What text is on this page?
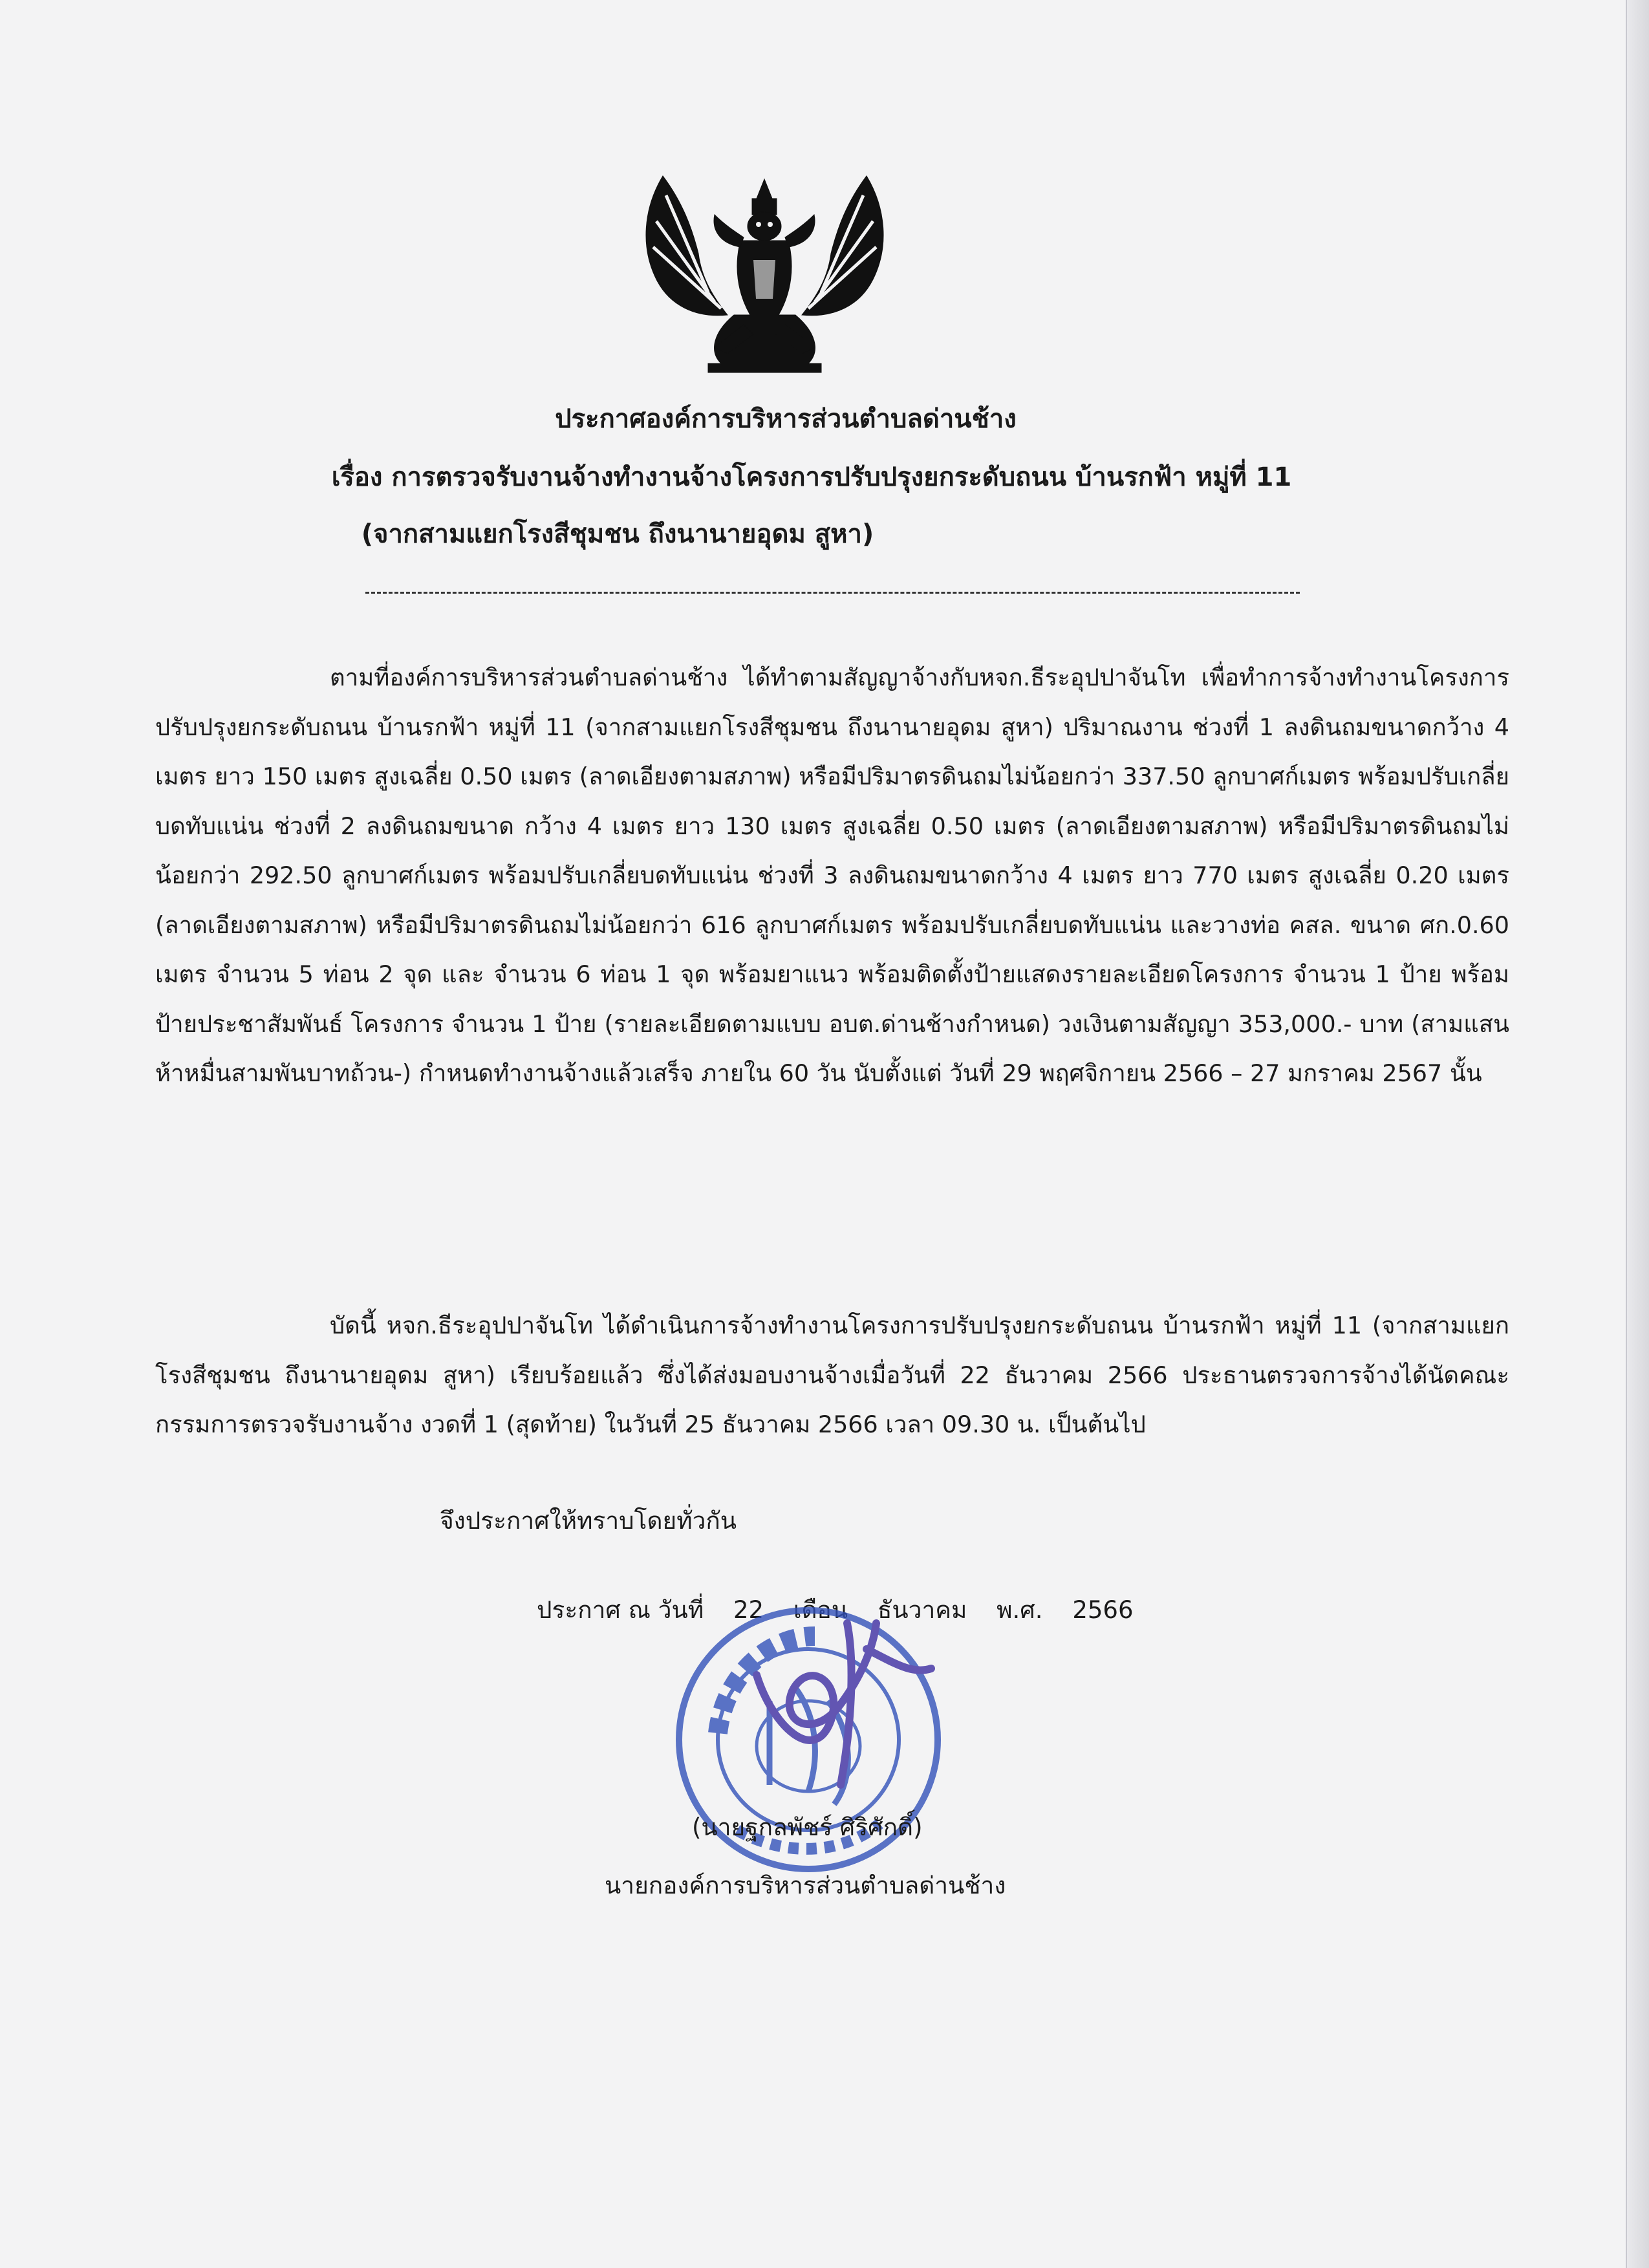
ประกาศองค์การบริหารส่วนตำบลด่านช้าง
เรื่อง การตรวจรับงานจ้างทำงานจ้างโครงการปรับปรุงยกระดับถนน บ้านรกฟ้า หมู่ที่ 11
(จากสามแยกโรงสีชุมชน ถึงนานายอุดม สูหา)

ตามที่องค์การบริหารส่วนตำบลด่านช้าง ได้ทำตามสัญญาจ้างกับหจก.ธีระอุปปาจันโท เพื่อทำการจ้างทำงานโครงการปรับปรุงยกระดับถนน บ้านรกฟ้า หมู่ที่ 11 (จากสามแยกโรงสีชุมชน ถึงนานายอุดม สูหา) ปริมาณงาน ช่วงที่ 1 ลงดินถมขนาดกว้าง 4 เมตร ยาว 150 เมตร สูงเฉลี่ย 0.50 เมตร (ลาดเอียงตามสภาพ) หรือมีปริมาตรดินถมไม่น้อยกว่า 337.50 ลูกบาศก์เมตร พร้อมปรับเกลี่ยบดทับแน่น ช่วงที่ 2 ลงดินถมขนาด กว้าง 4 เมตร ยาว 130 เมตร สูงเฉลี่ย 0.50 เมตร (ลาดเอียงตามสภาพ) หรือมีปริมาตรดินถมไม่น้อยกว่า 292.50 ลูกบาศก์เมตร พร้อมปรับเกลี่ยบดทับแน่น ช่วงที่ 3 ลงดินถมขนาดกว้าง 4 เมตร ยาว 770 เมตร สูงเฉลี่ย 0.20 เมตร (ลาดเอียงตามสภาพ) หรือมีปริมาตรดินถมไม่น้อยกว่า 616 ลูกบาศก์เมตร พร้อมปรับเกลี่ยบดทับแน่น และวางท่อ คสล. ขนาด ศก.0.60 เมตร จำนวน 5 ท่อน 2 จุด และ จำนวน 6 ท่อน 1 จุด พร้อมยาแนว พร้อมติดตั้งป้ายแสดงรายละเอียดโครงการ จำนวน 1 ป้าย พร้อมป้ายประชาสัมพันธ์ โครงการ จำนวน 1 ป้าย (รายละเอียดตามแบบ อบต.ด่านช้างกำหนด) วงเงินตามสัญญา 353,000.- บาท (สามแสนห้าหมื่นสามพันบาทถ้วน-) กำหนดทำงานจ้างแล้วเสร็จ ภายใน 60 วัน นับตั้งแต่ วันที่ 29 พฤศจิกายน 2566 – 27 มกราคม 2567 นั้น

บัดนี้ หจก.ธีระอุปปาจันโท ได้ดำเนินการจ้างทำงานโครงการปรับปรุงยกระดับถนน บ้านรกฟ้า หมู่ที่ 11 (จากสามแยกโรงสีชุมชน ถึงนานายอุดม สูหา) เรียบร้อยแล้ว ซึ่งได้ส่งมอบงานจ้างเมื่อวันที่ 22 ธันวาคม 2566 ประธานตรวจการจ้างได้นัดคณะกรรมการตรวจรับงานจ้าง งวดที่ 1 (สุดท้าย) ในวันที่ 25 ธันวาคม 2566 เวลา 09.30 น. เป็นต้นไป

จึงประกาศให้ทราบโดยทั่วกัน
ประกาศ ณ วันที่ 22 เดือน ธันวาคม พ.ศ. 2566
(นายฐกลพัชร์ ศิริศักดิ์)
นายกองค์การบริหารส่วนตำบลด่านช้าง
